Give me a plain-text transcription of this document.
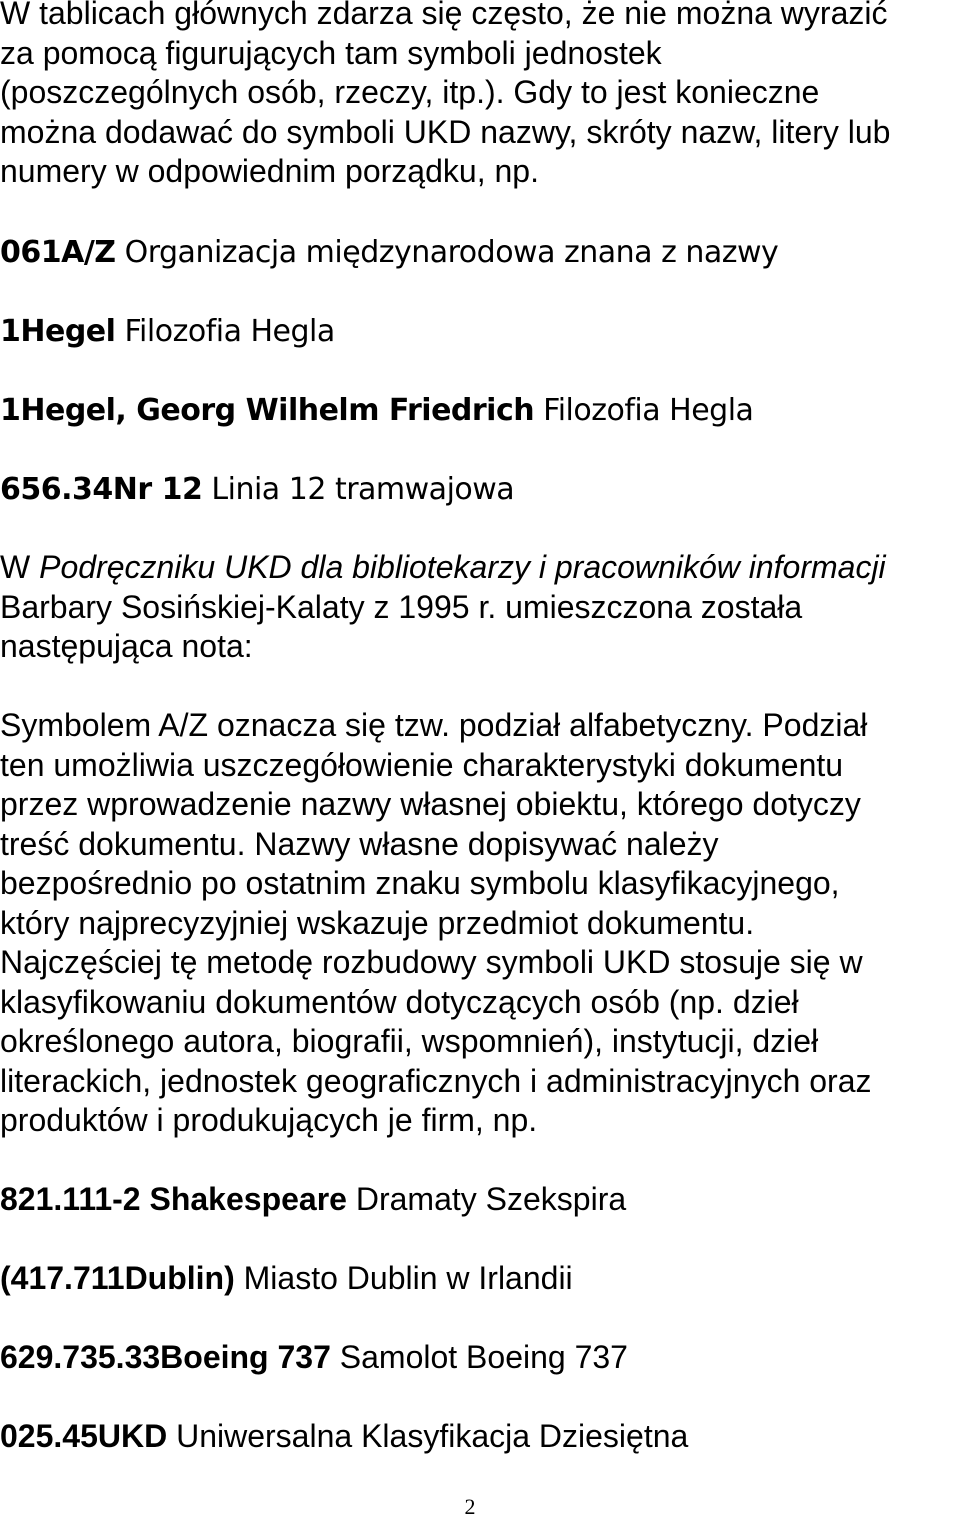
W tablicach głównych zdarza się często, że nie można wyrazić
za pomocą figurujących tam symboli jednostek
(poszczególnych osób, rzeczy, itp.). Gdy to jest konieczne
można dodawać do symboli UKD nazwy, skróty nazw, litery lub
numery w odpowiednim porządku, np.
061A/Z Organizacja międzynarodowa znana z nazwy
1Hegel Filozofia Hegla
1Hegel, Georg Wilhelm Friedrich Filozofia Hegla
656.34Nr 12 Linia 12 tramwajowa
W Podręczniku UKD dla bibliotekarzy i pracowników informacji
Barbary Sosińskiej-Kalaty z 1995 r. umieszczona została
następująca nota:
Symbolem A/Z oznacza się tzw. podział alfabetyczny. Podział
ten umożliwia uszczegółowienie charakterystyki dokumentu
przez wprowadzenie nazwy własnej obiektu, którego dotyczy
treść dokumentu. Nazwy własne dopisywać należy
bezpośrednio po ostatnim znaku symbolu klasyfikacyjnego,
który najprecyzyjniej wskazuje przedmiot dokumentu.
Najczęściej tę metodę rozbudowy symboli UKD stosuje się w
klasyfikowaniu dokumentów dotyczących osób (np. dzieł
określonego autora, biografii, wspomnień), instytucji, dzieł
literackich, jednostek geograficznych i administracyjnych oraz
produktów i produkujących je firm, np.
821.111-2 Shakespeare Dramaty Szekspira
(417.711Dublin) Miasto Dublin w Irlandii
629.735.33Boeing 737 Samolot Boeing 737
025.45UKD Uniwersalna Klasyfikacja Dziesiętna
2
